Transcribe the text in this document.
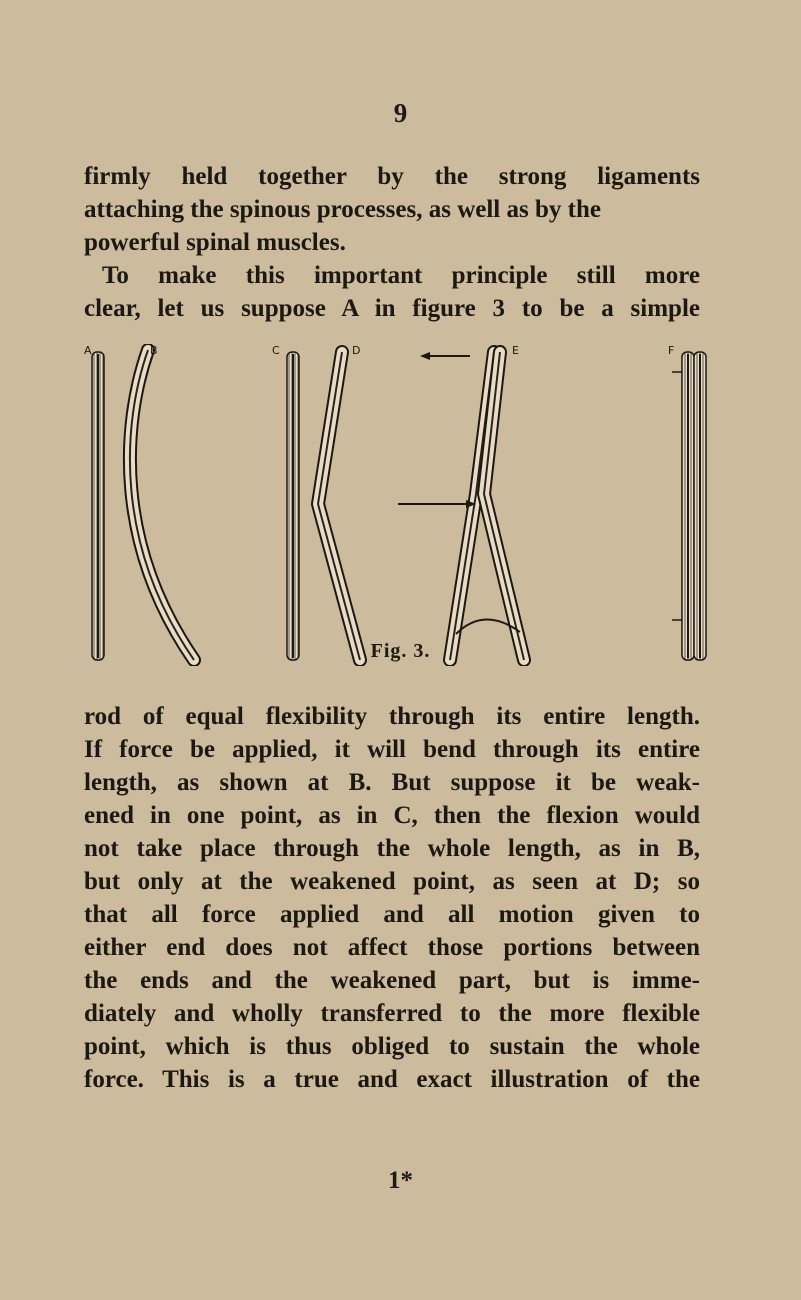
9

firmly held together by the strong ligaments
attaching the spinous processes, as well as by the
powerful spinal muscles.
To make this important principle still more
clear, let us suppose A in figure 3 to be a simple

A	B	C	D	E	F
Fig. 3.

rod of equal flexibility through its entire length.
If force be applied, it will bend through its entire
length, as shown at B. But suppose it be weak-
ened in one point, as in C, then the flexion would
not take place through the whole length, as in B,
but only at the weakened point, as seen at D; so
that all force applied and all motion given to
either end does not affect those portions between
the ends and the weakened part, but is imme-
diately and wholly transferred to the more flexible
point, which is thus obliged to sustain the whole
force. This is a true and exact illustration of the

1*
